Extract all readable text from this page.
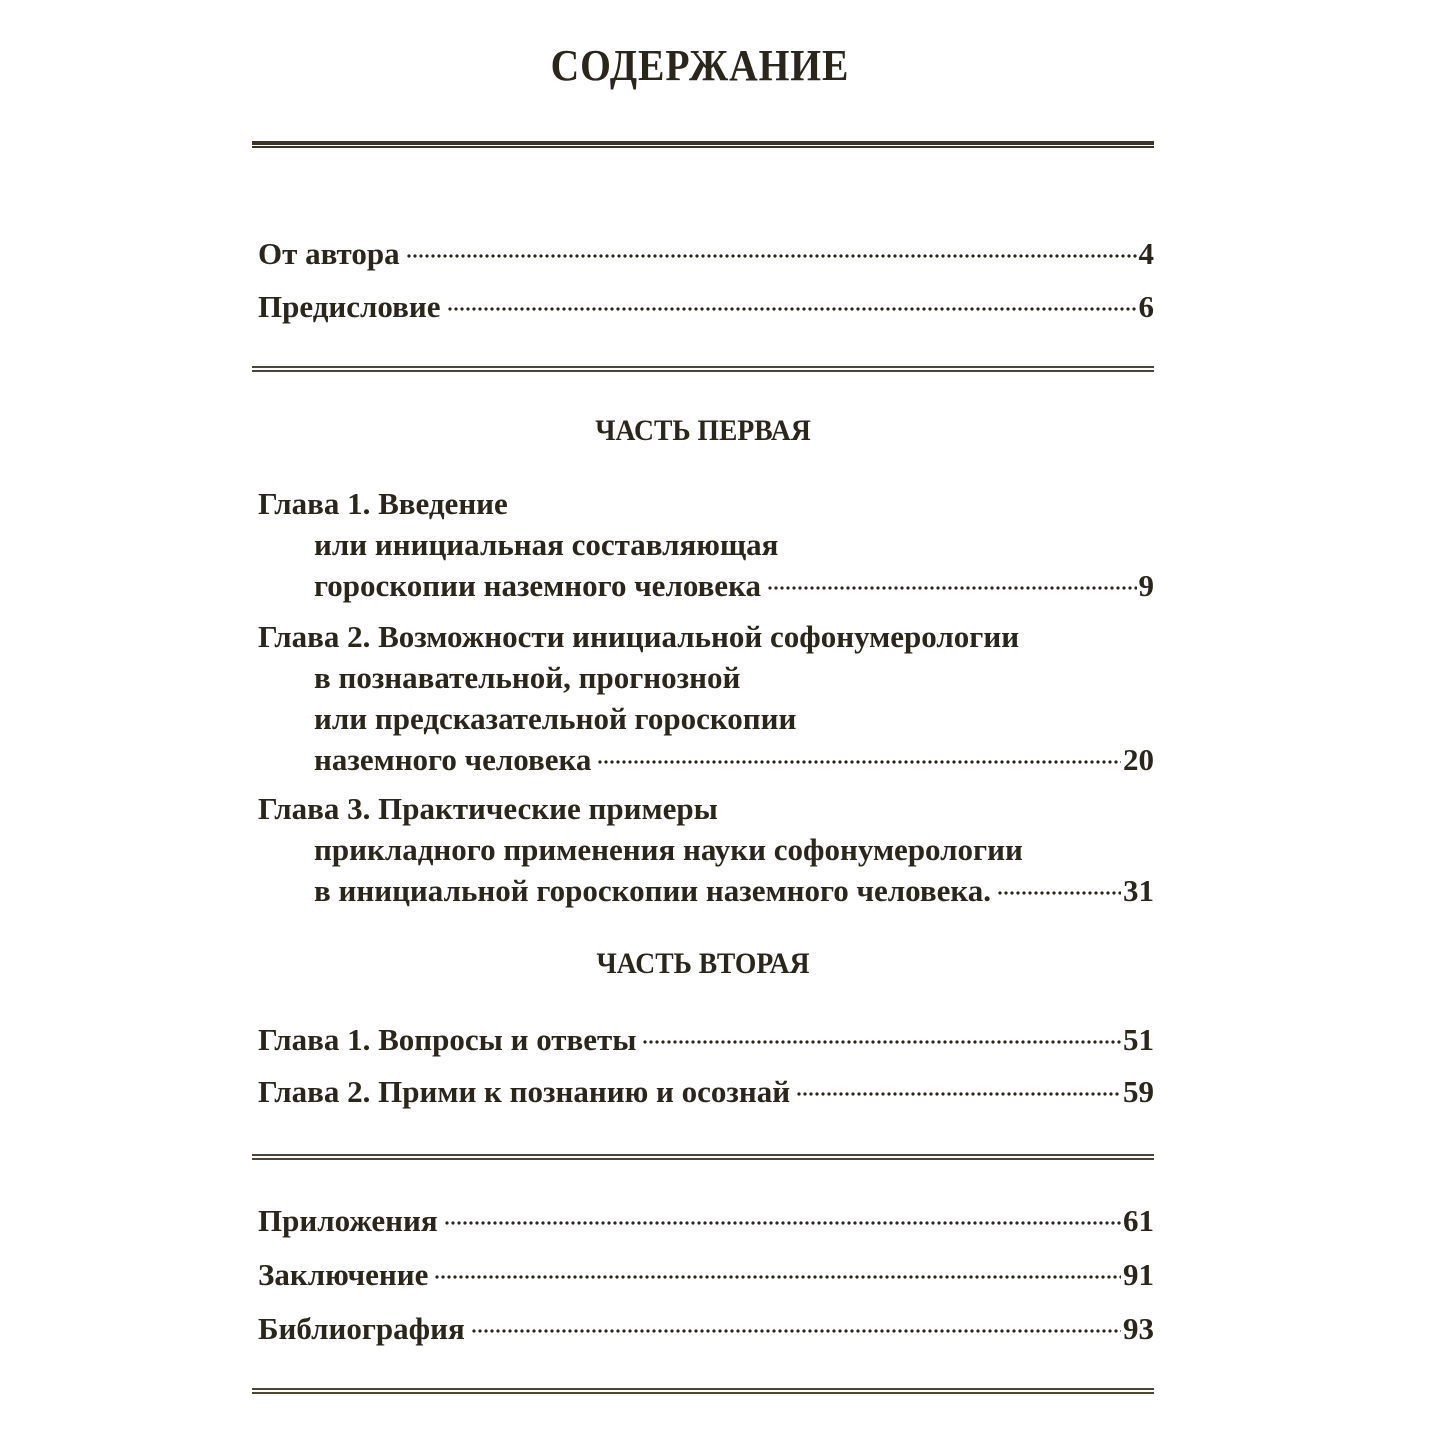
СОДЕРЖАНИЕ
От автора	4
Предисловие	6
ЧАСТЬ ПЕРВАЯ
Глава 1. Введение
или инициальная составляющая
гороскопии наземного человека	9
Глава 2. Возможности инициальной софонумерологии
в познавательной, прогнозной
или предсказательной гороскопии
наземного человека	20
Глава 3. Практические примеры
прикладного применения науки софонумерологии
в инициальной гороскопии наземного человека.	31
ЧАСТЬ ВТОРАЯ
Глава 1. Вопросы и ответы	51
Глава 2. Прими к познанию и осознай	59
Приложения	61
Заключение	91
Библиография	93
